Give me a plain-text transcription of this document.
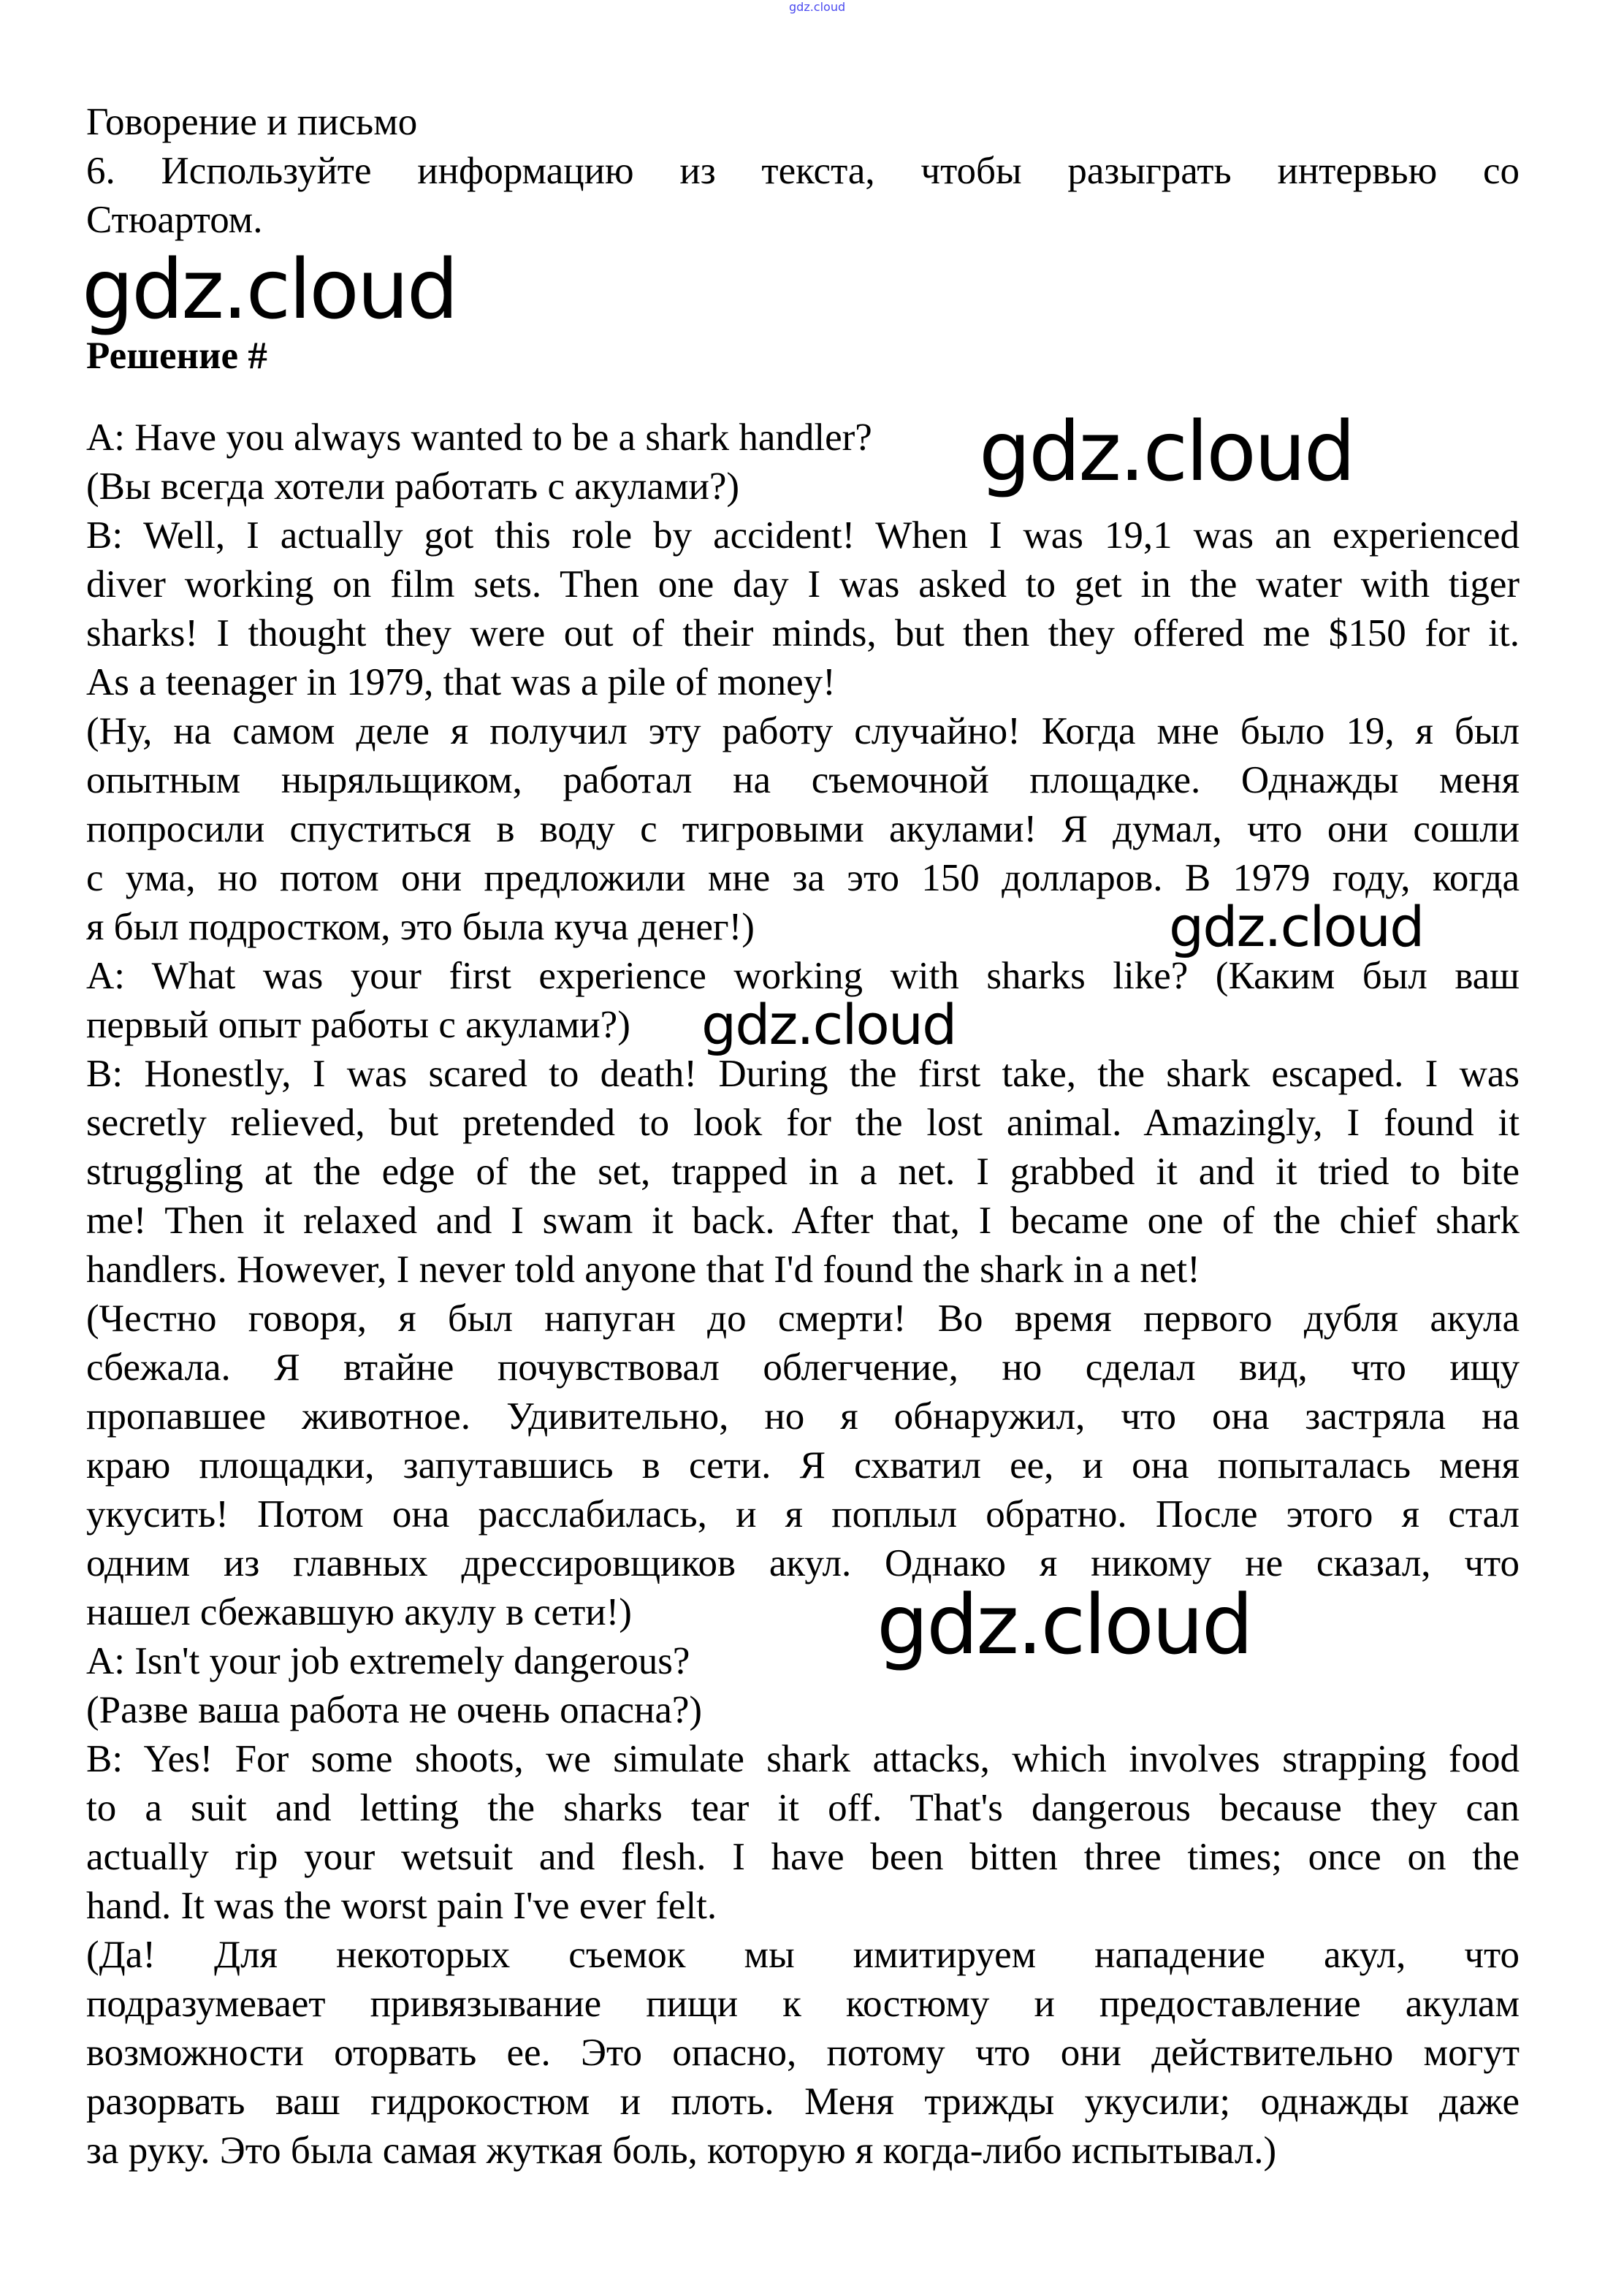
gdz.cloud
Говорение и письмо
6. Используйте информацию из текста, чтобы разыграть интервью со
Стюартом.
gdz.cloud
Решение #
A: Have you always wanted to be a shark handler?
(Вы всегда хотели работать с акулами?)
B: Well, I actually got this role by accident! When I was 19,1 was an experienced
diver working on film sets. Then one day I was asked to get in the water with tiger
sharks! I thought they were out of their minds, but then they offered me $150 for it.
As a teenager in 1979, that was a pile of money!
(Ну, на самом деле я получил эту работу случайно! Когда мне было 19, я был
опытным ныряльщиком, работал на съемочной площадке. Однажды меня
попросили спуститься в воду с тигровыми акулами! Я думал, что они сошли
с ума, но потом они предложили мне за это 150 долларов. В 1979 году, когда
я был подростком, это была куча денег!)
A: What was your first experience working with sharks like? (Каким был ваш
первый опыт работы с акулами?)
B: Honestly, I was scared to death! During the first take, the shark escaped. I was
secretly relieved, but pretended to look for the lost animal. Amazingly, I found it
struggling at the edge of the set, trapped in a net. I grabbed it and it tried to bite
me! Then it relaxed and I swam it back. After that, I became one of the chief shark
handlers. However, I never told anyone that I'd found the shark in a net!
(Честно говоря, я был напуган до смерти! Во время первого дубля акула
сбежала. Я втайне почувствовал облегчение, но сделал вид, что ищу
пропавшее животное. Удивительно, но я обнаружил, что она застряла на
краю площадки, запутавшись в сети. Я схватил ее, и она попыталась меня
укусить! Потом она расслабилась, и я поплыл обратно. После этого я стал
одним из главных дрессировщиков акул. Однако я никому не сказал, что
нашел сбежавшую акулу в сети!)
A: Isn't your job extremely dangerous?
(Разве ваша работа не очень опасна?)
B: Yes! For some shoots, we simulate shark attacks, which involves strapping food
to a suit and letting the sharks tear it off. That's dangerous because they can
actually rip your wetsuit and flesh. I have been bitten three times; once on the
hand. It was the worst pain I've ever felt.
(Да! Для некоторых съемок мы имитируем нападение акул, что
подразумевает привязывание пищи к костюму и предоставление акулам
возможности оторвать ее. Это опасно, потому что они действительно могут
разорвать ваш гидрокостюм и плоть. Меня трижды укусили; однажды даже
за руку. Это была самая жуткая боль, которую я когда-либо испытывал.)
gdz.cloud
gdz.cloud
gdz.cloud
gdz.cloud
